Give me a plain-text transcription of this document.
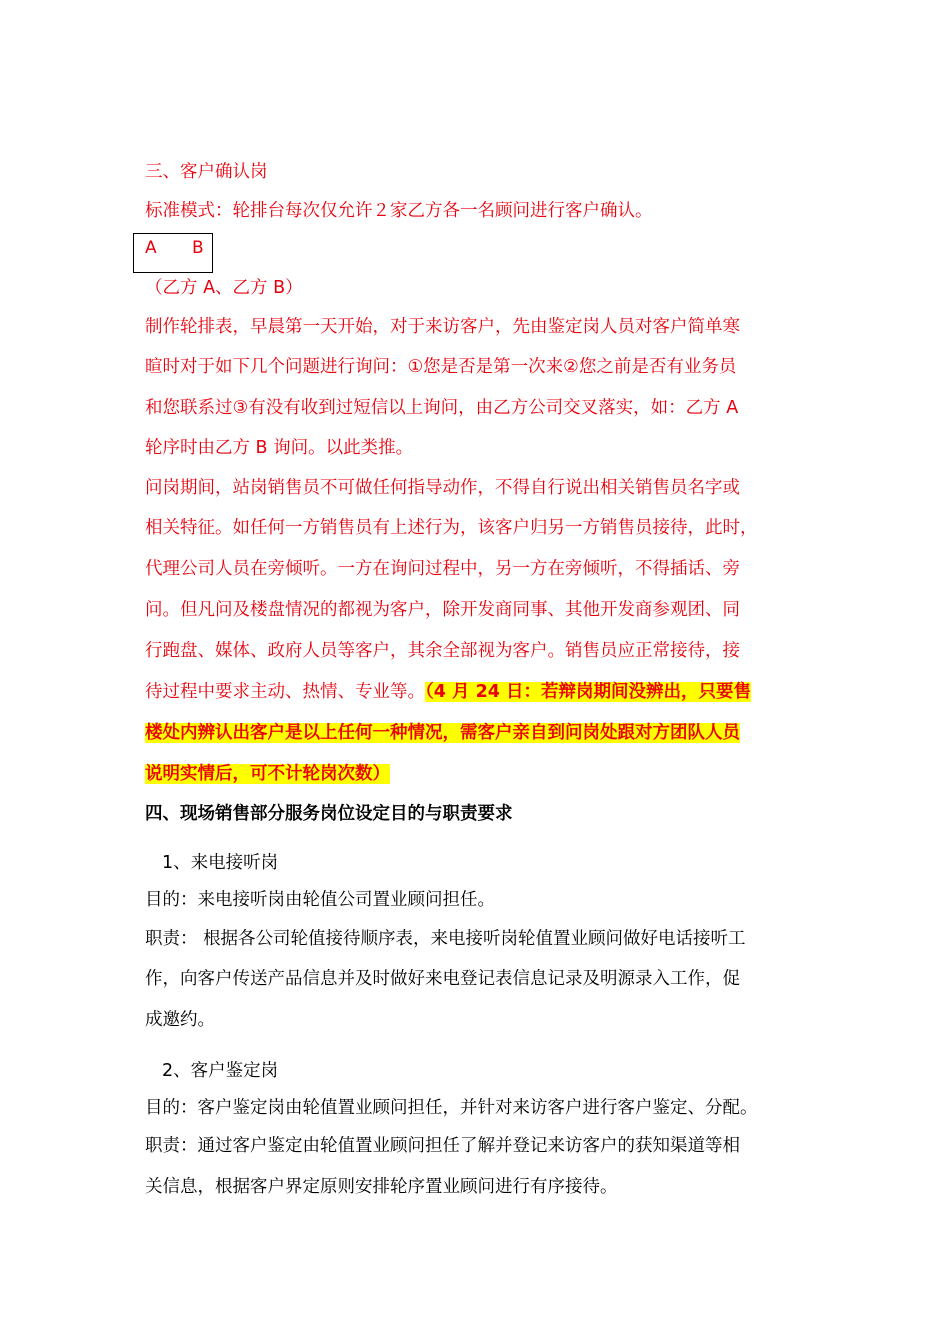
三、客户确认岗
标准模式：轮排台每次仅允许２家乙方各一名顾问进行客户确认。
A B
（乙方 A、乙方 B）
制作轮排表，早晨第一天开始，对于来访客户，先由鉴定岗人员对客户简单寒
暄时对于如下几个问题进行询问：①您是否是第一次来②您之前是否有业务员
和您联系过③有没有收到过短信以上询问，由乙方公司交叉落实，如：乙方 A
轮序时由乙方 B 询问。以此类推。
问岗期间，站岗销售员不可做任何指导动作，不得自行说出相关销售员名字或
相关特征。如任何一方销售员有上述行为，该客户归另一方销售员接待，此时，
代理公司人员在旁倾听。一方在询问过程中，另一方在旁倾听，不得插话、旁
问。但凡问及楼盘情况的都视为客户，除开发商同事、其他开发商参观团、同
行跑盘、媒体、政府人员等客户，其余全部视为客户。销售员应正常接待，接
待过程中要求主动、热情、专业等。（4 月 24 日：若辩岗期间没辨出，只要售
楼处内辨认出客户是以上任何一种情况，需客户亲自到问岗处跟对方团队人员
说明实情后，可不计轮岗次数）
四、现场销售部分服务岗位设定目的与职责要求
1、来电接听岗
目的：来电接听岗由轮值公司置业顾问担任。
职责： 根据各公司轮值接待顺序表，来电接听岗轮值置业顾问做好电话接听工
作，向客户传送产品信息并及时做好来电登记表信息记录及明源录入工作，促
成邀约。
2、客户鉴定岗
目的：客户鉴定岗由轮值置业顾问担任，并针对来访客户进行客户鉴定、分配。
职责：通过客户鉴定由轮值置业顾问担任了解并登记来访客户的获知渠道等相
关信息，根据客户界定原则安排轮序置业顾问进行有序接待。
